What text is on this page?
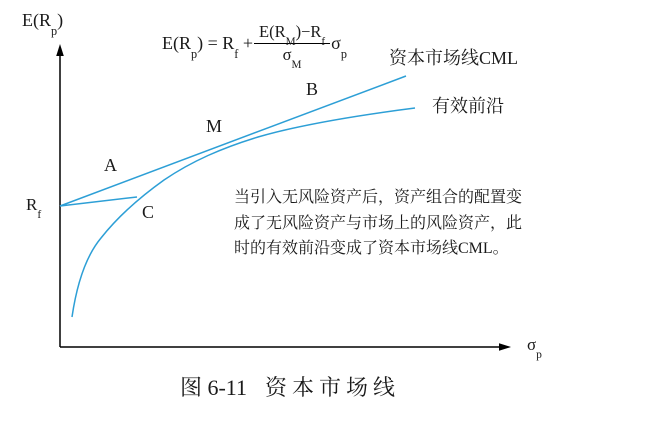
$E(R_p)$
$E(R_p) = R_f + \frac{E(R_M)-R_f}{\sigma_M} \sigma_p$
$R_f$
A
M
B
C
资本市场线CML
有效前沿
$\sigma_p$
当引入无风险资产后，资产组合的配置变
成了无风险资产与市场上的风险资产，此
时的有效前沿变成了资本市场线CML。
图 6-11 资本市场线
